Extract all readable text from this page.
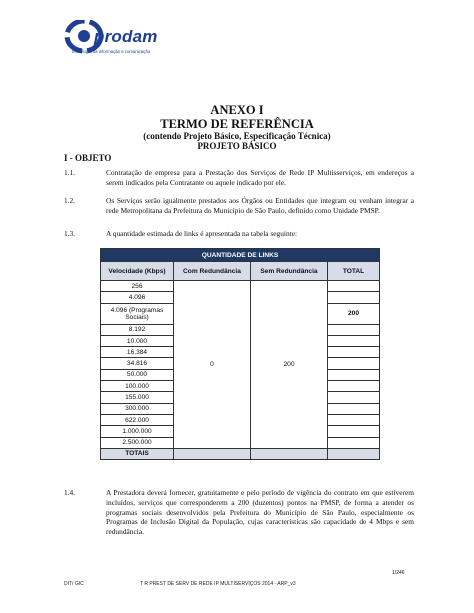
prodam
tecnologia da informação e comunicação
ANEXO I
TERMO DE REFERÊNCIA
(contendo Projeto Básico, Especificação Técnica)
PROJETO BÁSICO
I - OBJETO
1.1.	Contratação de empresa para a Prestação dos Serviços de Rede IP Multisserviços, em endereços a serem indicados pela Contratante ou aquele indicado por ele.
1.2.	Os Serviços serão igualmente prestados aos Órgãos ou Entidades que integram ou venham integrar a rede Metropolitana da Prefeitura do Município de São Paulo, definido como Unidade PMSP.
1.3.	A quantidade estimada de links é apresentada na tabela seguinte:
QUANTIDADE DE LINKS			
Velocidade (Kbps)	Com Redundância	Sem Redundância	TOTAL
256	0	200	
4.096			
4.096 (Programas Sociais)			200
8.192			
10.000			
16.384			
34.816			
50.000			
100.000			
155.000			
300.000			
622.000			
1.000.000			
2.500.000			
TOTAIS			
1.4.	A Prestadora deverá fornecer, gratuitamente e pelo período de vigência do contrato em que estiverem incluídos, serviços que corresponderem a 200 (duzentos) pontos na PMSP, de forma a atender os programas sociais desenvolvidos pela Prefeitura do Município de São Paulo, especialmente os Programas de Inclusão Digital da População, cujas características são capacidade de 4 Mbps e sem redundância.
1/246
DIT/ GIC	T R PREST DE SERV DE REDE IP MULTISERVIÇOS 2014 - ARP_v3
